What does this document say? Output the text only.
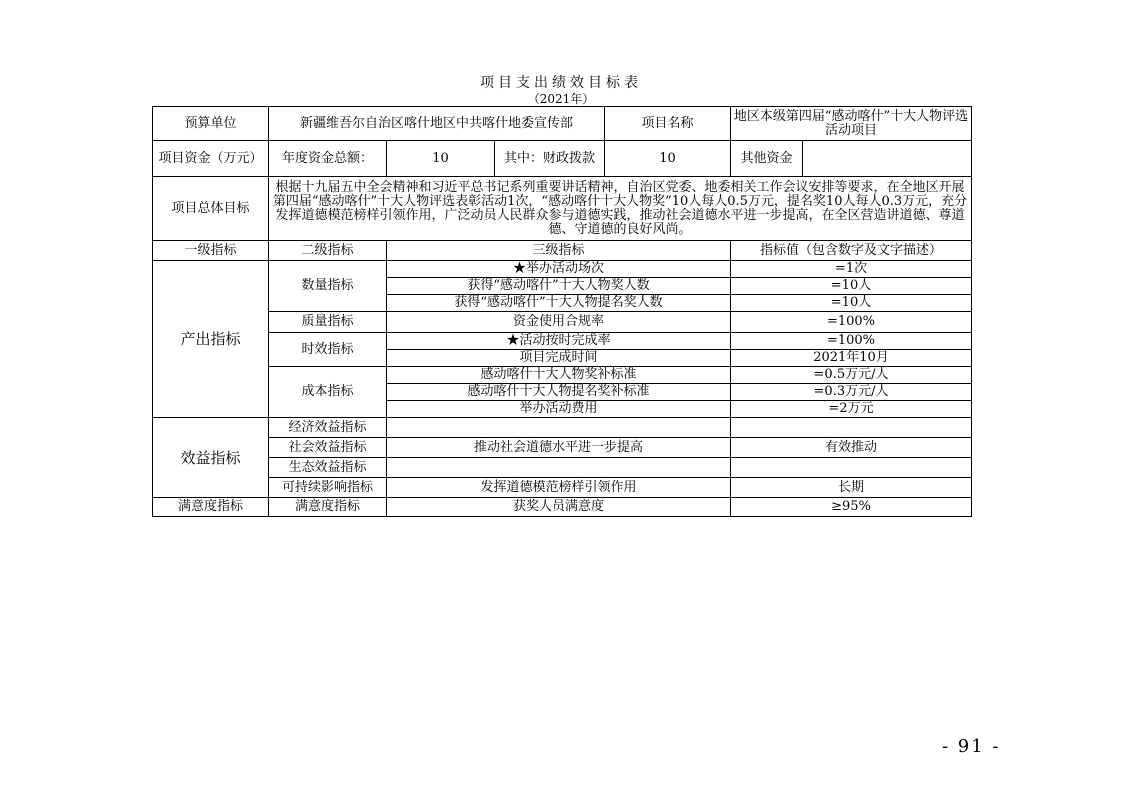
项目支出绩效目标表
（2021年）
预算单位	新疆维吾尔自治区喀什地区中共喀什地委宣传部			项目名称	地区本级第四届“感动喀什”十大人物评选活动项目	
项目资金（万元）	年度资金总额：	10	其中：财政拨款	10	其他资金	
项目总体目标	根据十九届五中全会精神和习近平总书记系列重要讲话精神，自治区党委、地委相关工作会议安排等要求，在全地区开展第四届“感动喀什”十大人物评选表彰活动1次，“感动喀什十大人物奖”10人每人0.5万元，提名奖10人每人0.3万元，充分发挥道德模范榜样引领作用，广泛动员人民群众参与道德实践，推动社会道德水平进一步提高，在全区营造讲道德、尊道德、守道德的良好风尚。					
一级指标	二级指标	三级指标			指标值（包含数字及文字描述）	
产出指标	数量指标	★举办活动场次			=1次	
		获得“感动喀什”十大人物奖人数			=10人	
		获得“感动喀什”十大人物提名奖人数			=10人	
	质量指标	资金使用合规率			=100%	
	时效指标	★活动按时完成率			=100%	
		项目完成时间			2021年10月	
	成本指标	感动喀什十大人物奖补标准			=0.5万元/人	
		感动喀什十大人物提名奖补标准			=0.3万元/人	
		举办活动费用			=2万元	
效益指标	经济效益指标					
	社会效益指标	推动社会道德水平进一步提高			有效推动	
	生态效益指标					
	可持续影响指标	发挥道德模范榜样引领作用			长期	
满意度指标	满意度指标	获奖人员满意度			≥95%	
- 91 -
